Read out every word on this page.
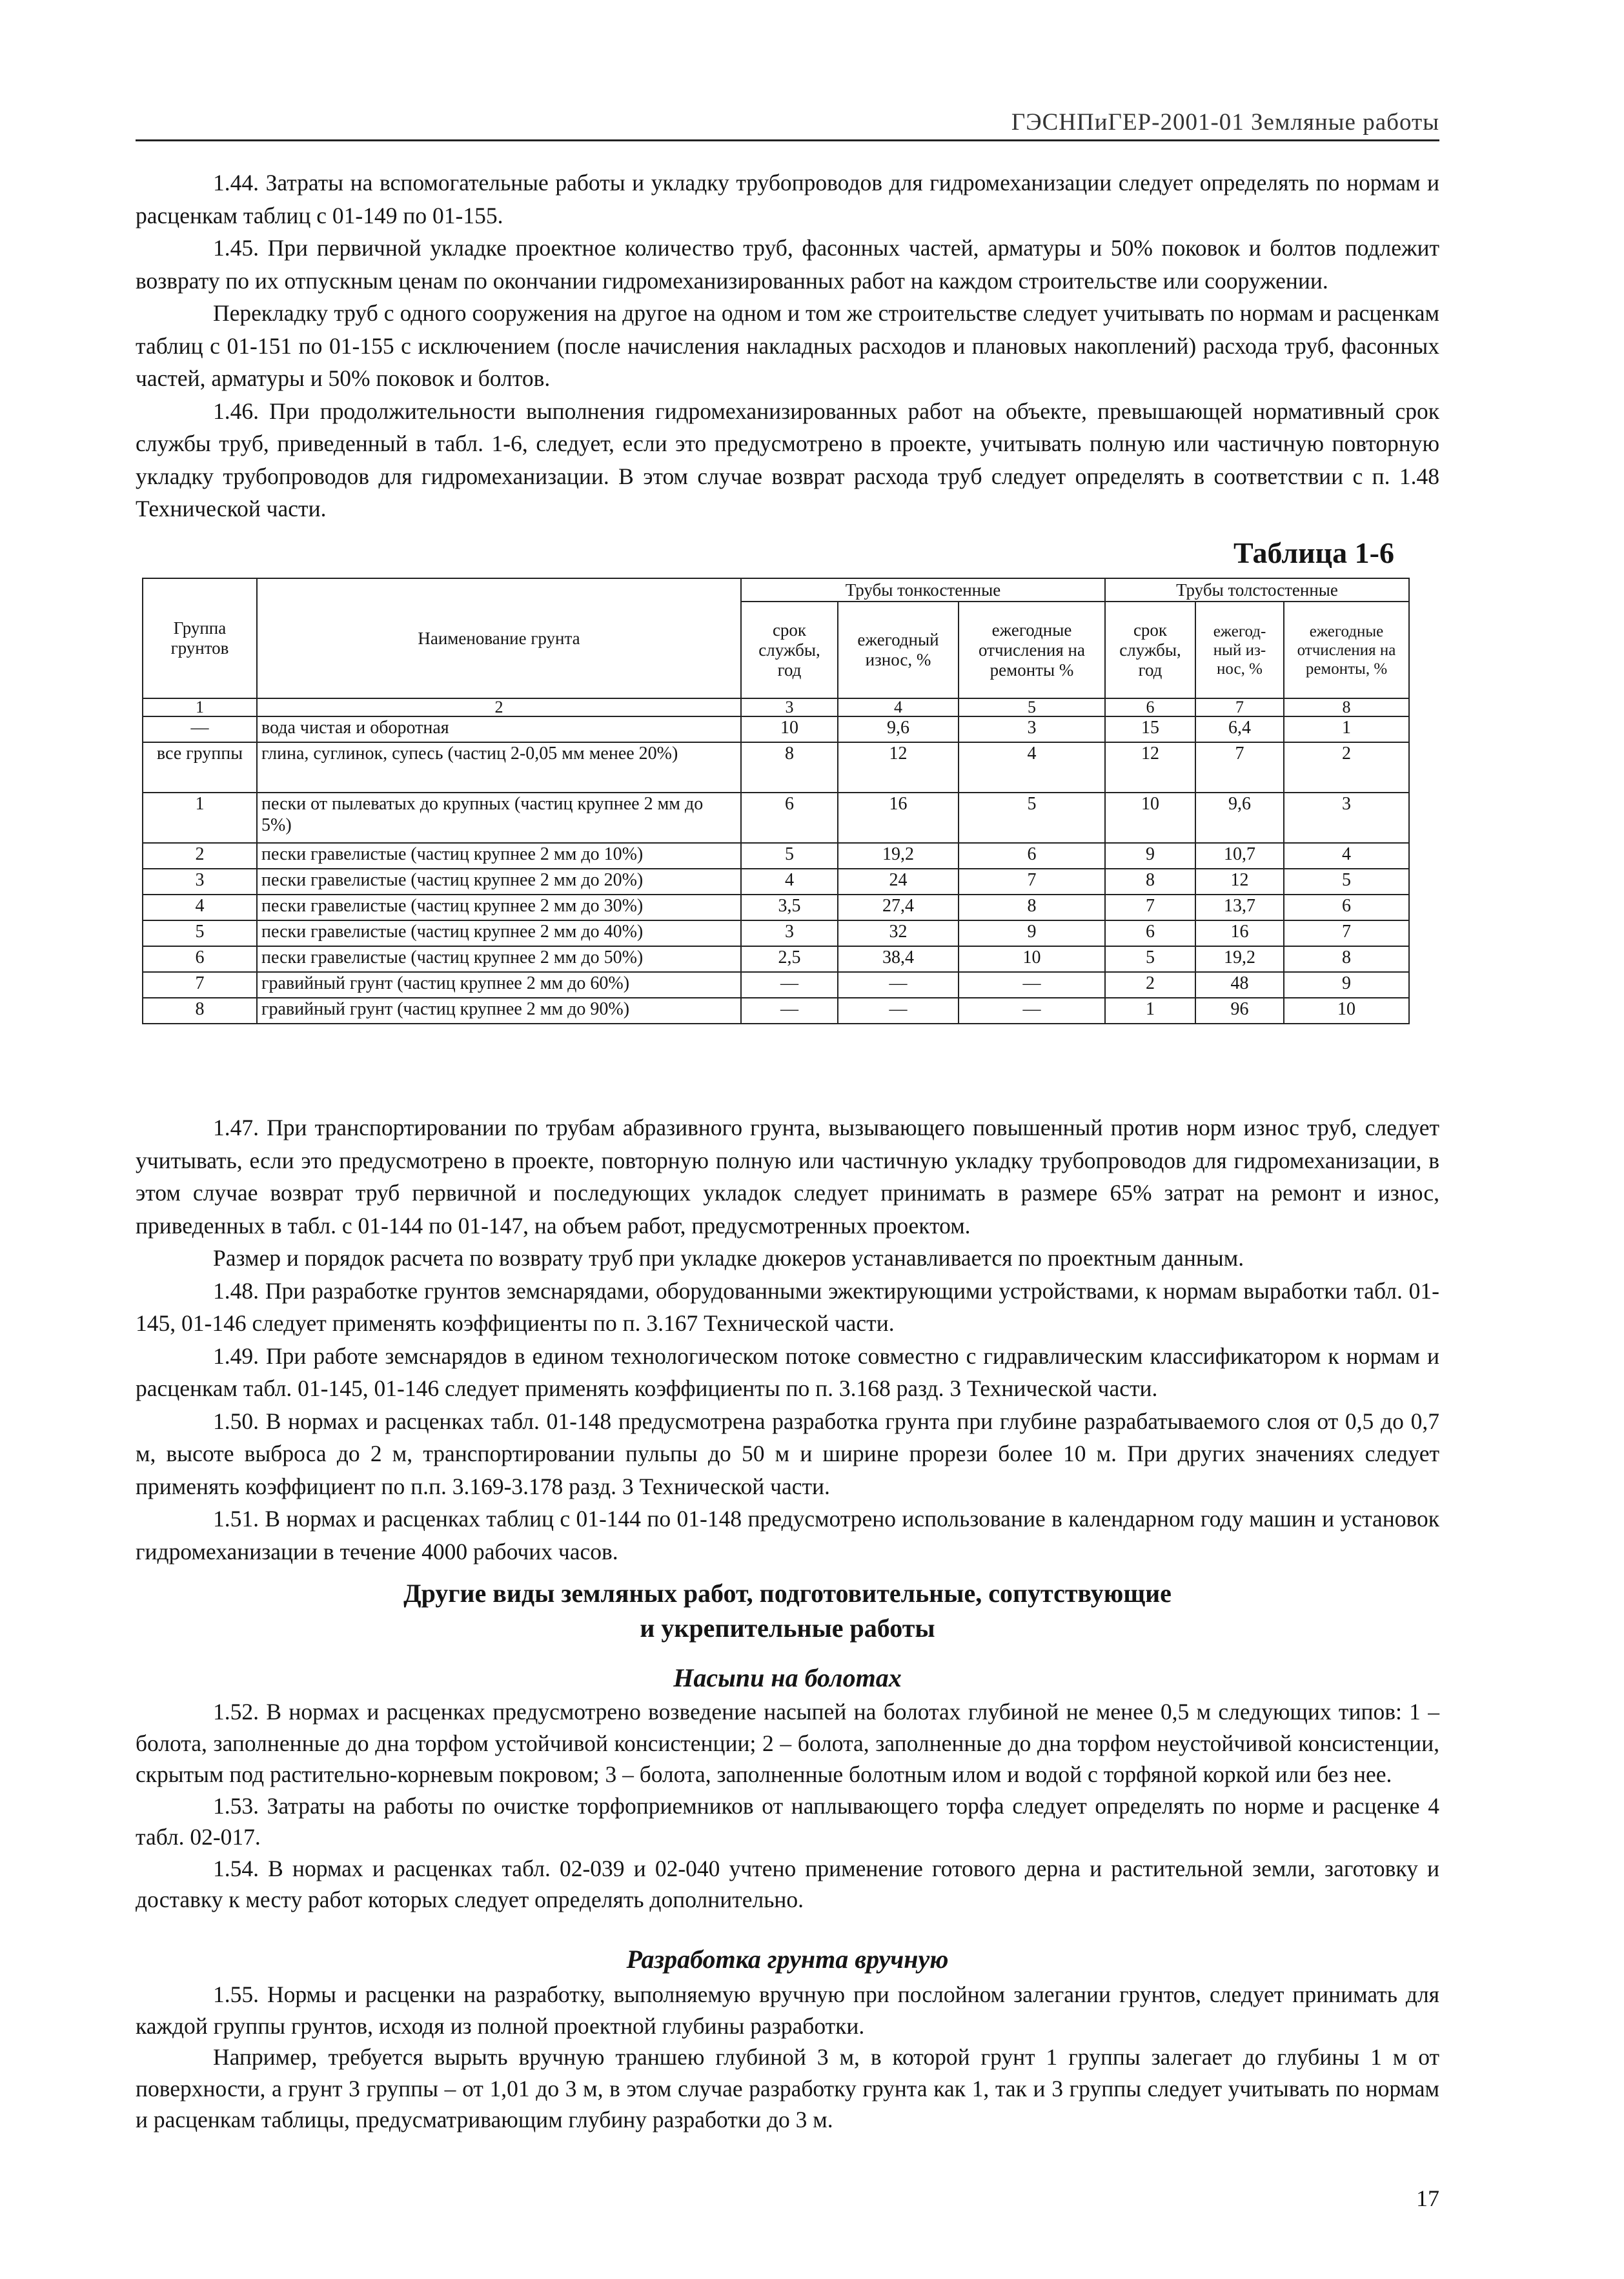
ГЭСНПиГЕР-2001-01 Земляные работы

1.44. Затраты на вспомогательные работы и укладку трубопроводов для гидромеханизации следует определять по нормам и расценкам таблиц с 01-149 по 01-155.

1.45. При первичной укладке проектное количество труб, фасонных частей, арматуры и 50% поковок и болтов подлежит возврату по их отпускным ценам по окончании гидромеханизированных работ на каждом строительстве или сооружении.

Перекладку труб с одного сооружения на другое на одном и том же строительстве следует учитывать по нормам и расценкам таблиц с 01-151 по 01-155 с исключением (после начисления накладных расходов и плановых накоплений) расхода труб, фасонных частей, арматуры и 50% поковок и болтов.

1.46. При продолжительности выполнения гидромеханизированных работ на объекте, превышающей нормативный срок службы труб, приведенный в табл. 1-6, следует, если это предусмотрено в проекте, учитывать полную или частичную повторную укладку трубопроводов для гидромеханизации. В этом случае возврат расхода труб следует определять в соответствии с п. 1.48 Технической части.

Таблица 1-6
Группа грунтов	Наименование грунта	Трубы тонкостенные			Трубы толстостенные		
		срок службы, год	ежегодный износ, %	ежегодные отчисления на ремонты %	срок службы, год	ежегод-ный из-нос, %	ежегодные отчисления на ремонты, %
1	2	3	4	5	6	7	8
—	вода чистая и оборотная	10	9,6	3	15	6,4	1
все группы	глина, суглинок, супесь (частиц 2-0,05 мм менее 20%)	8	12	4	12	7	2
1	пески от пылеватых до крупных (частиц крупнее 2 мм до 5%)	6	16	5	10	9,6	3
2	пески гравелистые (частиц крупнее 2 мм до 10%)	5	19,2	6	9	10,7	4
3	пески гравелистые (частиц крупнее 2 мм до 20%)	4	24	7	8	12	5
4	пески гравелистые (частиц крупнее 2 мм до 30%)	3,5	27,4	8	7	13,7	6
5	пески гравелистые (частиц крупнее 2 мм до 40%)	3	32	9	6	16	7
6	пески гравелистые (частиц крупнее 2 мм до 50%)	2,5	38,4	10	5	19,2	8
7	гравийный грунт (частиц крупнее 2 мм до 60%)	—	—	—	2	48	9
8	гравийный грунт (частиц крупнее 2 мм до 90%)	—	—	—	1	96	10

1.47. При транспортировании по трубам абразивного грунта, вызывающего повышенный против норм износ труб, следует учитывать, если это предусмотрено в проекте, повторную полную или частичную укладку трубопроводов для гидромеханизации, в этом случае возврат труб первичной и последующих укладок следует принимать в размере 65% затрат на ремонт и износ, приведенных в табл. с 01-144 по 01-147, на объем работ, предусмотренных проектом.

Размер и порядок расчета по возврату труб при укладке дюкеров устанавливается по проектным данным.

1.48. При разработке грунтов земснарядами, оборудованными эжектирующими устройствами, к нормам выработки табл. 01-145, 01-146 следует применять коэффициенты по п. 3.167 Технической части.

1.49. При работе земснарядов в едином технологическом потоке совместно с гидравлическим классификатором к нормам и расценкам табл. 01-145, 01-146 следует применять коэффициенты по п. 3.168 разд. 3 Технической части.

1.50. В нормах и расценках табл. 01-148 предусмотрена разработка грунта при глубине разрабатываемого слоя от 0,5 до 0,7 м, высоте выброса до 2 м, транспортировании пульпы до 50 м и ширине прорези более 10 м. При других значениях следует применять коэффициент по п.п. 3.169-3.178 разд. 3 Технической части.

1.51. В нормах и расценках таблиц с 01-144 по 01-148 предусмотрено использование в календарном году машин и установок гидромеханизации в течение 4000 рабочих часов.

Другие виды земляных работ, подготовительные, сопутствующие
и укрепительные работы
Насыпи на болотах

1.52. В нормах и расценках предусмотрено возведение насыпей на болотах глубиной не менее 0,5 м следующих типов: 1 – болота, заполненные до дна торфом устойчивой консистенции; 2 – болота, заполненные до дна торфом неустойчивой консистенции, скрытым под растительно-корневым покровом; 3 – болота, заполненные болотным илом и водой с торфяной коркой или без нее.

1.53. Затраты на работы по очистке торфоприемников от наплывающего торфа следует определять по норме и расценке 4 табл. 02-017.

1.54. В нормах и расценках табл. 02-039 и 02-040 учтено применение готового дерна и растительной земли, заготовку и доставку к месту работ которых следует определять дополнительно.

Разработка грунта вручную

1.55. Нормы и расценки на разработку, выполняемую вручную при послойном залегании грунтов, следует принимать для каждой группы грунтов, исходя из полной проектной глубины разработки.

Например, требуется вырыть вручную траншею глубиной 3 м, в которой грунт 1 группы залегает до глубины 1 м от поверхности, а грунт 3 группы – от 1,01 до 3 м, в этом случае разработку грунта как 1, так и 3 группы следует учитывать по нормам и расценкам таблицы, предусматривающим глубину разработки до 3 м.

17
